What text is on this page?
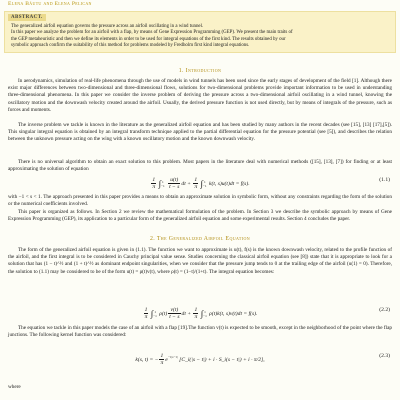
Elena Băutu and Elena Pelican
ABSTRACT.
The generalized airfoil equation governs the pressure across an airfoil oscillating in a wind tunnel.
In this paper we analyze the problem for an airfoil with a flap, by means of Gene Expression Programming (GEP). We present the main traits of
the GEP metaheuristic and then we define its elements in order to be used for integral equations of the first kind. The results obtained by our
symbolic approach confirm the suitability of this method for problems modeled by Fredholm first kind integral equations.
1. Introduction
In aerodynamics, simulation of real-life phenomena through the use of models in wind tunnels has been used since the early stages of development of the field [1]. Although there exist major differences between two-dimensional and three-dimensional flows, solutions for two-dimensional problems provide important information to be used in understanding three-dimensional phenomena. In this paper we consider the inverse problem of deriving the pressure across a two-dimensional airfoil oscillating in a wind tunnel, knowing the oscillatory motion and the downwash velocity created around the airfoil. Usually, the derived pressure function is not used directly, but by means of integrals of the pressure, such as forces and moments.
The inverse problem we tackle is known in the literature as the generalized airfoil equation and has been studied by many authors in the recent decades (see [15], [13] [17],[5]). This singular integral equation is obtained by an integral transform technique applied to the partial differential equation for the pressure potential (see [5]), and describes the relation between the unknown pressure acting on the wing with a known oscillatory motion and the known downwash velocity.
There is no universal algorithm to obtain an exact solution to this problem. Most papers in the literature deal with numerical methods ([15], [13], [7]) for finding or at least approximating the solution of equation
$\frac{1}{\pi}$ ∫ 1
−1
$\frac{u(t)}{t - s}$ dt + $\frac{1}{\pi}$ ∫ 1
−1 k(t, s)u(t)dt = f(s).
(1.1)
with −1 < s < 1. The approach presented in this paper provides a means to obtain an approximate solution in symbolic form, without any constraints regarding the form of the solution or the numerical coefficients involved.
This paper is organized as follows. In Section 2 we review the mathematical formulation of the problem. In Section 3 we describe the symbolic approach by means of Gene Expression Programming (GEP), its application to a particular form of the generalized airfoil equation and some experimental results. Section 4 concludes the paper.
2. The Generalized Airfoil Equation
The form of the generalized airfoil equation is given in (1.1). The function we want to approximate is u(t), f(s) is the known downwash velocity, related to the profile function of the airfoil, and the first integral is to be considered in Cauchy principal value sense. Studies concerning the classical airfoil equation (see [8]) state that it is appropriate to look for a solution that has (1 − t)^½ and (1 + t)^½ as dominant endpoint singularities, when we consider that the pressure jump tends to 0 at the trailing edge of the airfoil (u(1) = 0). Therefore, the solution to (1.1) may be considered to be of the form u(t) = ρ(t)v(t), where ρ(t) = (1−t)/(1+t). The integral equation becomes:
$\frac{1}{\pi}$ ∫ 1
−1 $\rho(t) \frac{v(t)}{t - s}$ dt + $\frac{1}{\pi}$ ∫ 1
−1 ρ(t)k(t, s)v(t)dt = f(s).
(2.2)
The equation we tackle in this paper models the case of an airfoil with a flap [19].The function v(t) is expected to be smooth, except in the neighborhood of the point where the flap junctions. The following kernel function was considered:
k(s, t) = − $\frac{1}{\pi} e^{-i|s-t|}$ [C_i(|s − t|) + i · S_i(s − t|) + i · π/2],
(2.3)
where
